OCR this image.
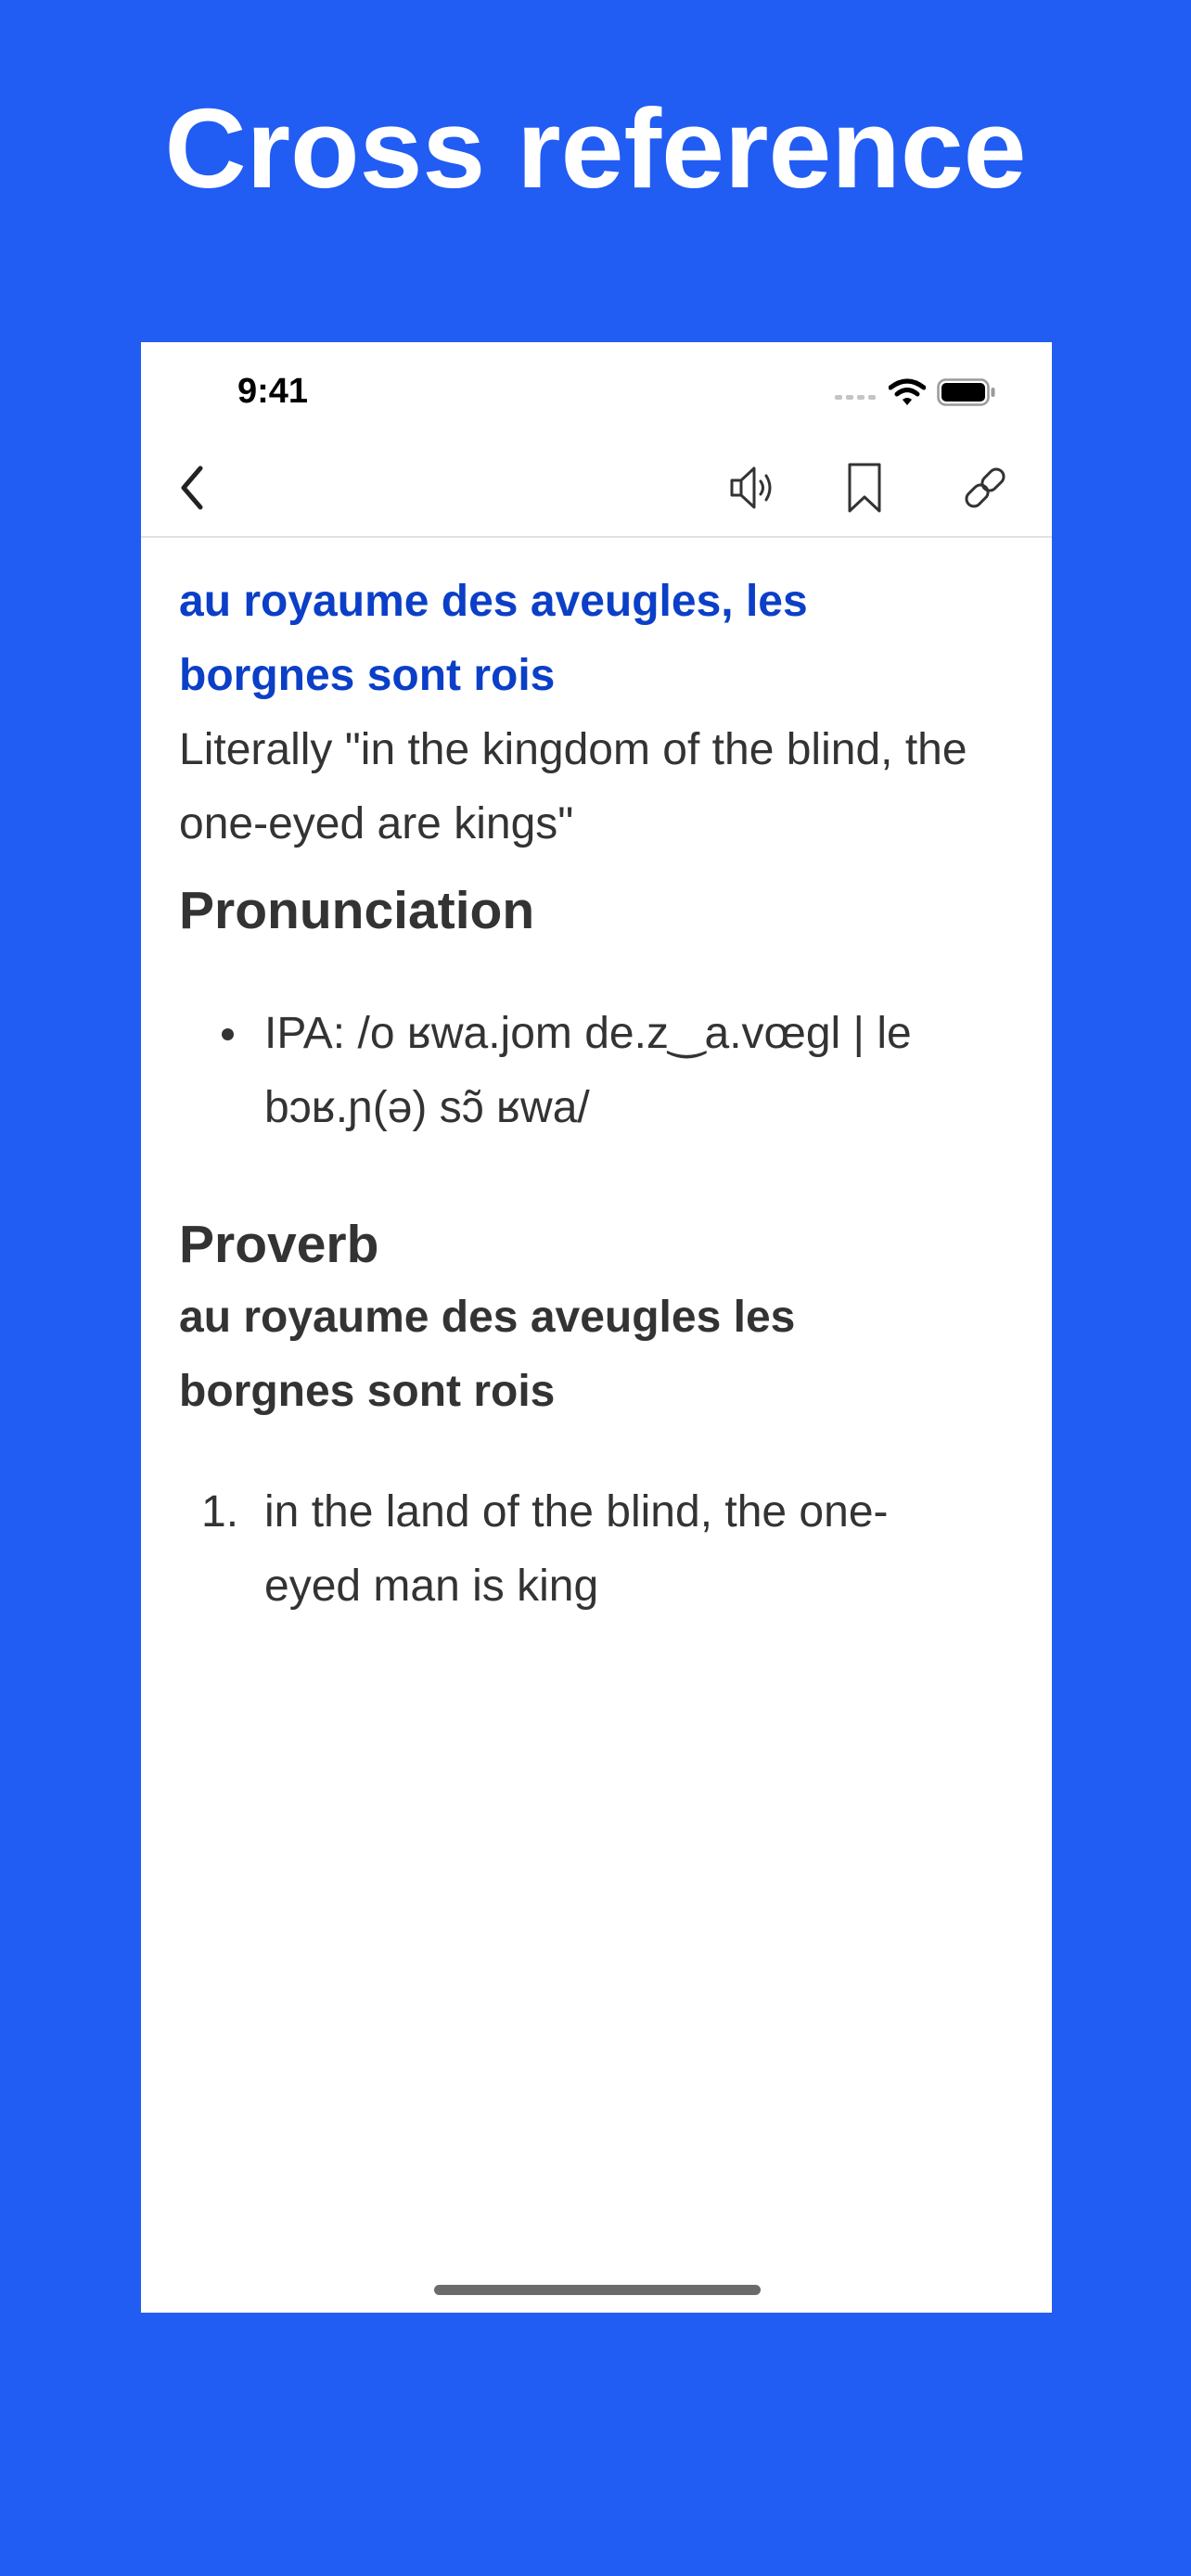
Cross reference
9:41
au royaume des aveugles, les borgnes sont rois
Literally "in the kingdom of the blind, the one-eyed are kings"
Pronunciation
IPA: /o ʁwa.jom de.z‿a.vœɡl | le bɔʁ.ɲ(ə) sɔ̃ ʁwa/
Proverb
au royaume des aveugles les borgnes sont rois
1. in the land of the blind, the one-eyed man is king
